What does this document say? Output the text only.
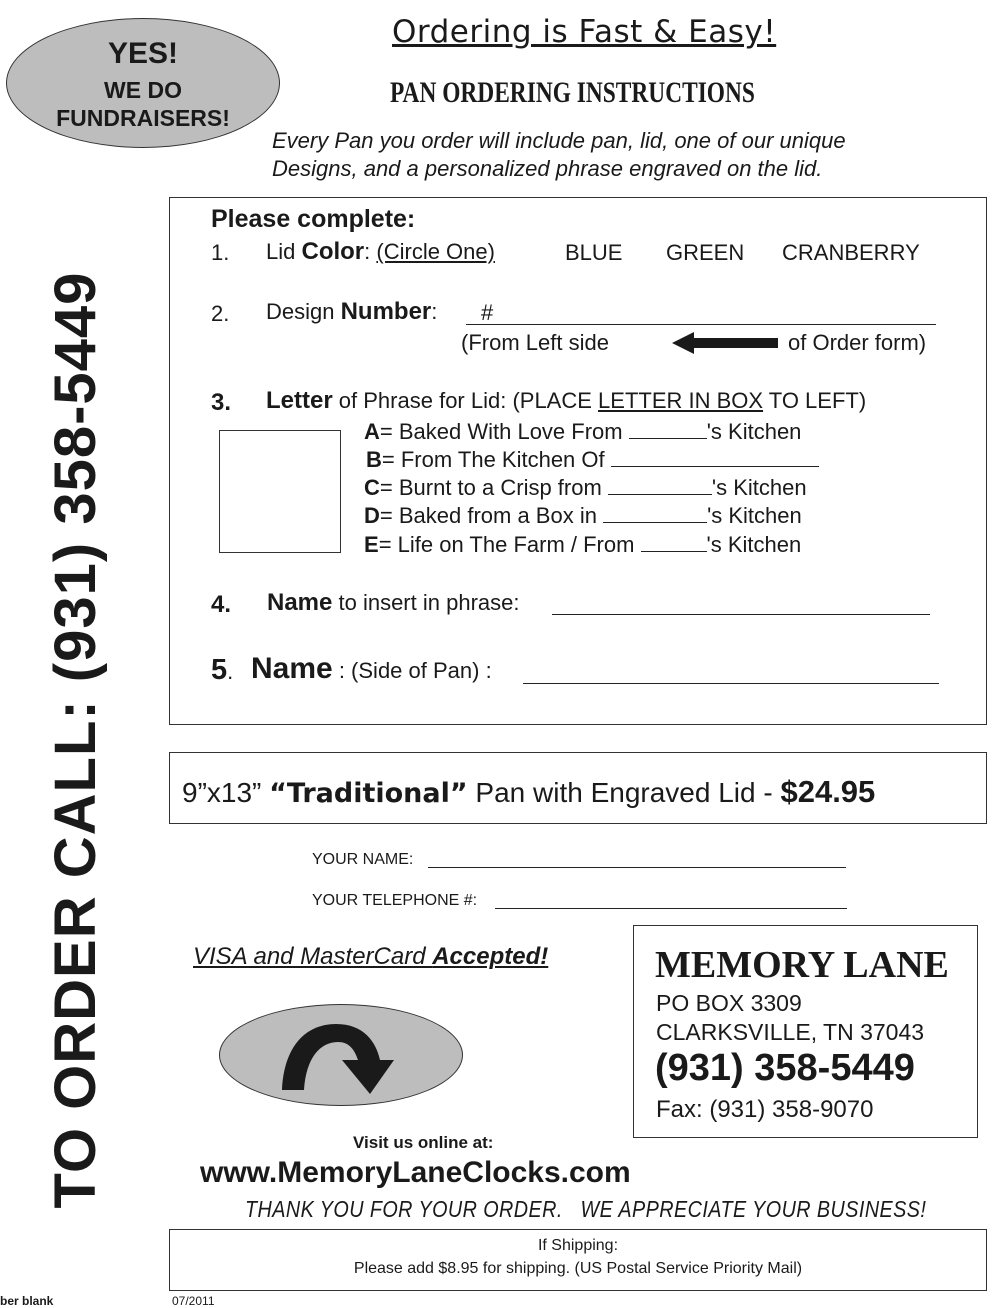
YES!
WE DO
FUNDRAISERS!
TO ORDER CALL: (931) 358-5449
Ordering is Fast & Easy!
PAN ORDERING INSTRUCTIONS
Every Pan you order will include pan, lid, one of our unique
Designs, and a personalized phrase engraved on the lid.
Please complete:
1. Lid Color: (Circle One)	BLUE GREEN CRANBERRY
2. Design Number: #
(From Left side	of Order form)
3. Letter of Phrase for Lid: (PLACE LETTER IN BOX TO LEFT)
A= Baked With Love From	's Kitchen
B= From The Kitchen Of
C= Burnt to a Crisp from	's Kitchen
D= Baked from a Box in	's Kitchen
E= Life on The Farm / From	's Kitchen
4. Name to insert in phrase:
5. Name : (Side of Pan) :
9”x13” “Traditional” Pan with Engraved Lid - $24.95
YOUR NAME:
YOUR TELEPHONE #:
VISA and MasterCard Accepted!	MEMORY LANE
PO BOX 3309
CLARKSVILLE, TN 37043
(931) 358-5449
Fax: (931) 358-9070
Visit us online at:
www.MemoryLaneClocks.com
THANK YOU FOR YOUR ORDER.   WE APPRECIATE YOUR BUSINESS!
If Shipping:
Please add $8.95 for shipping. (US Postal Service Priority Mail)
ber blank	07/2011
